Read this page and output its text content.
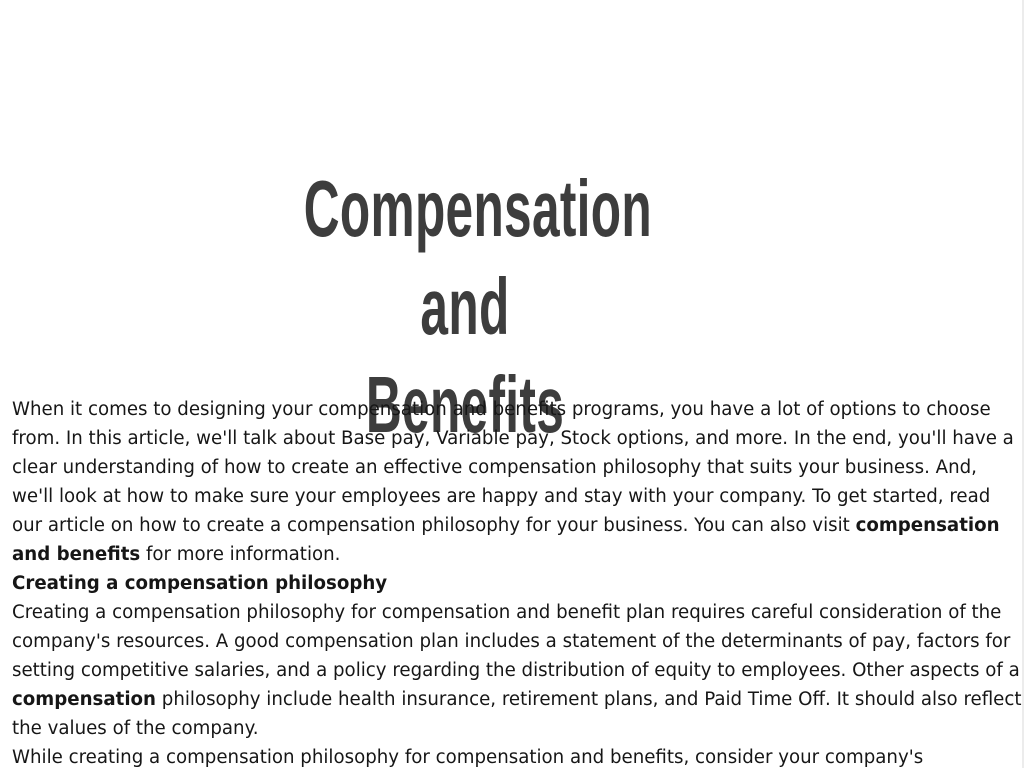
Compensation and
Benefits

When it comes to designing your compensation and benefits programs, you have a lot of options to choose from. In this article, we'll talk about Base pay, Variable pay, Stock options, and more. In the end, you'll have a clear understanding of how to create an effective compensation philosophy that suits your business. And, we'll look at how to make sure your employees are happy and stay with your company. To get started, read our article on how to create a compensation philosophy for your business. You can also visit compensation and benefits for more information.

Creating a compensation philosophy

Creating a compensation philosophy for compensation and benefit plan requires careful consideration of the company's resources. A good compensation plan includes a statement of the determinants of pay, factors for setting competitive salaries, and a policy regarding the distribution of equity to employees. Other aspects of a compensation philosophy include health insurance, retirement plans, and Paid Time Off. It should also reflect the values of the company.

While creating a compensation philosophy for compensation and benefits, consider your company's
